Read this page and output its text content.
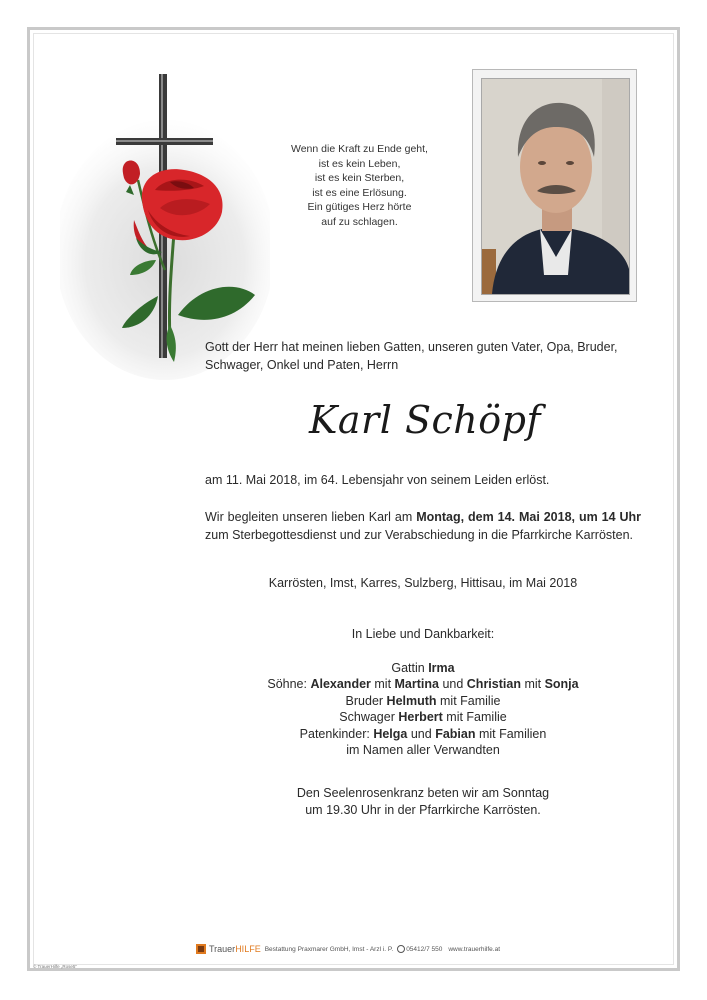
Wenn die Kraft zu Ende geht,
ist es kein Leben,
ist es kein Sterben,
ist es eine Erlösung.
Ein gütiges Herz hörte
auf zu schlagen.
Gott der Herr hat meinen lieben Gatten, unseren guten Vater, Opa, Bruder, Schwager, Onkel und Paten, Herrn
Karl Schöpf
am 11. Mai 2018, im 64. Lebensjahr von seinem Leiden erlöst.
Wir begleiten unseren lieben Karl am Montag, dem 14. Mai 2018, um 14 Uhr zum Sterbegottesdienst und zur Verabschiedung in die Pfarrkirche Karrösten.
Karrösten, Imst, Karres, Sulzberg, Hittisau, im Mai 2018
In Liebe und Dankbarkeit:
Gattin Irma
Söhne: Alexander mit Martina und Christian mit Sonja
Bruder Helmuth mit Familie
Schwager Herbert mit Familie
Patenkinder: Helga und Fabian mit Familien
im Namen aller Verwandten
Den Seelenrosenkranz beten wir am Sonntag
um 19.30 Uhr in der Pfarrkirche Karrösten.
Trauer HILFE Bestattung Praxmarer GmbH, Imst - Arzl i. P. 05412/7 550 www.trauerhilfe.at
© TrauerHilfe „Rose5“
